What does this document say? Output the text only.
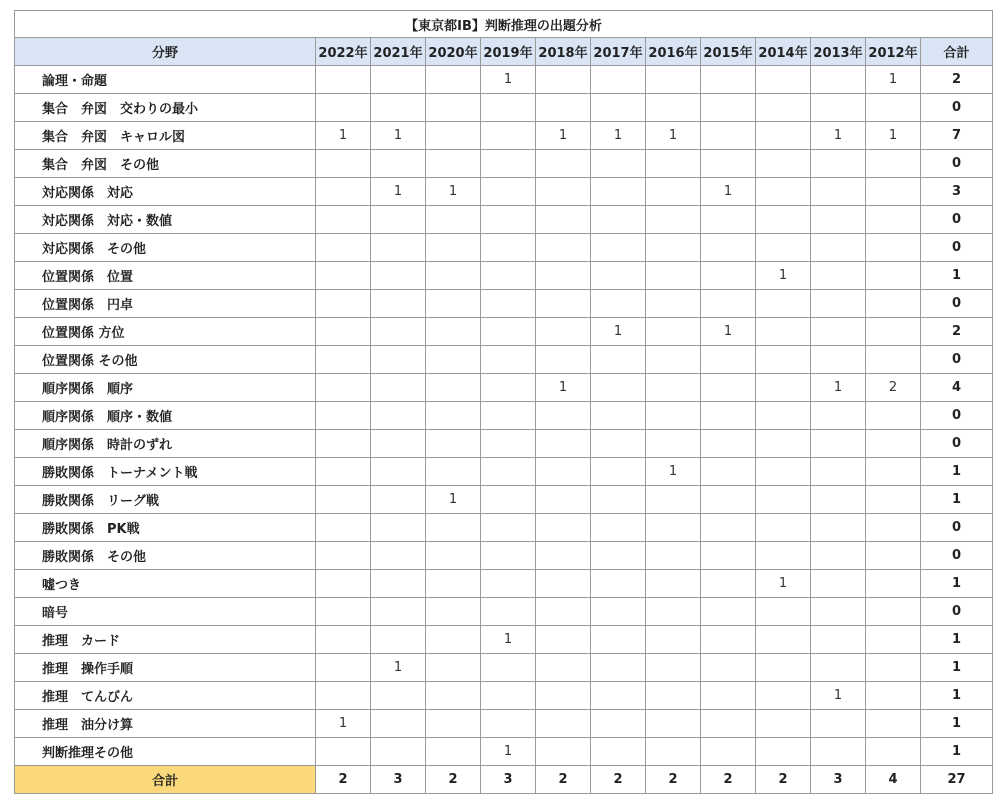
【東京都ⅠB】判断推理の出題分析												
分野	2022年	2021年	2020年	2019年	2018年	2017年	2016年	2015年	2014年	2013年	2012年	合計
論理・命題				1							1	2
集合　弁図　交わりの最小												0
集合　弁図　キャロル図	1	1			1	1	1			1	1	7
集合　弁図　その他												0
対応関係　対応		1	1					1				3
対応関係　対応・数値												0
対応関係　その他												0
位置関係　位置									1			1
位置関係　円卓												0
位置関係 方位						1		1				2
位置関係 その他												0
順序関係　順序					1					1	2	4
順序関係　順序・数値												0
順序関係　時計のずれ												0
勝敗関係　トーナメント戦							1					1
勝敗関係　リーグ戦			1									1
勝敗関係　PK戦												0
勝敗関係　その他												0
嘘つき									1			1
暗号												0
推理　カード				1								1
推理　操作手順		1										1
推理　てんびん										1		1
推理　油分け算	1											1
判断推理その他				1								1
合計	2	3	2	3	2	2	2	2	2	3	4	27
